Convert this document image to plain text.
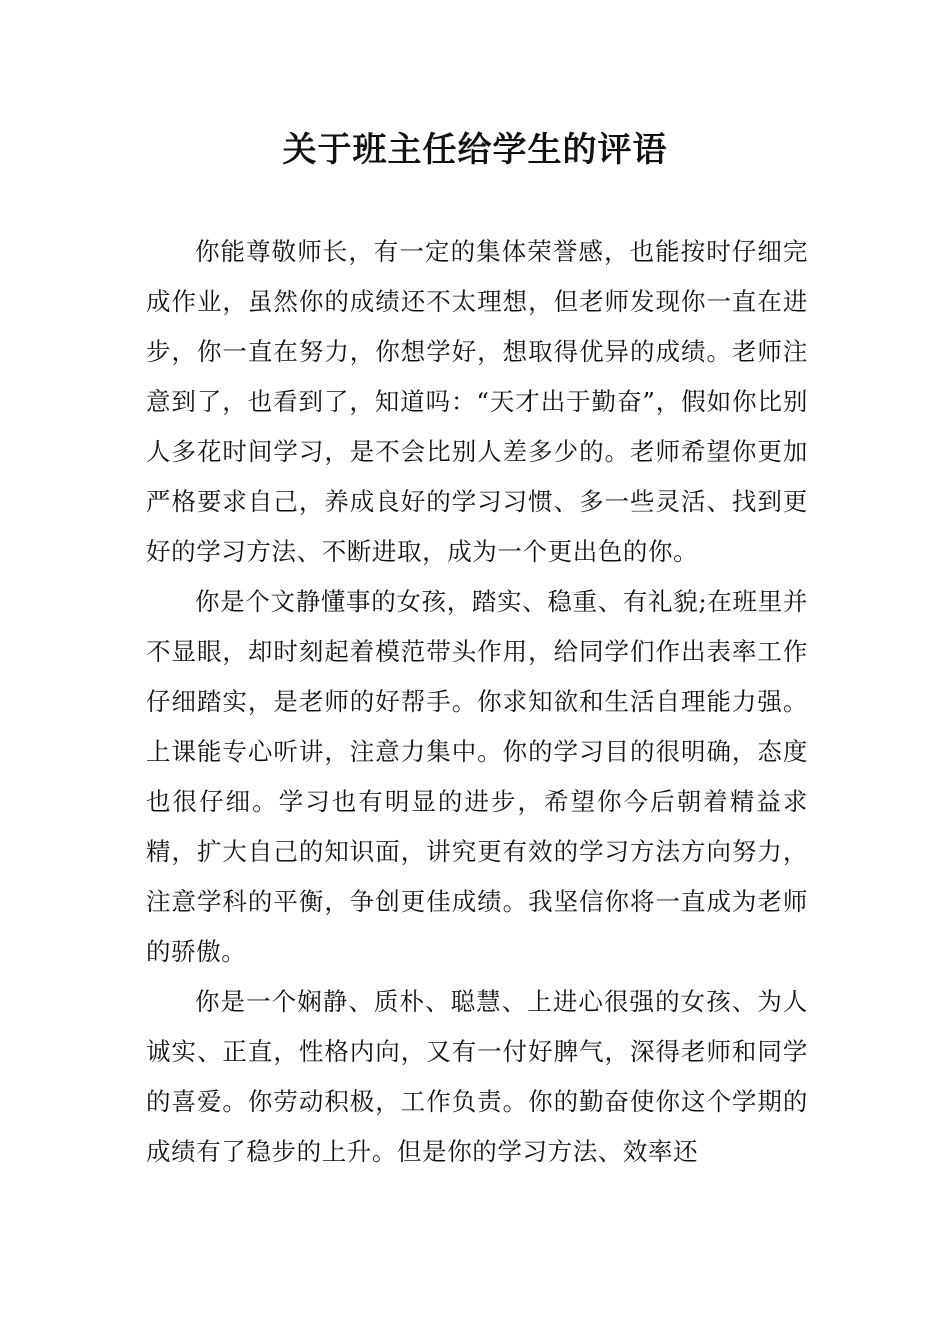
关于班主任给学生的评语

你能尊敬师长，有一定的集体荣誉感，也能按时仔细完成作业，虽然你的成绩还不太理想，但老师发现你一直在进步，你一直在努力，你想学好，想取得优异的成绩。老师注意到了，也看到了，知道吗：“天才出于勤奋”，假如你比别人多花时间学习，是不会比别人差多少的。老师希望你更加严格要求自己，养成良好的学习习惯、多一些灵活、找到更好的学习方法、不断进取，成为一个更出色的你。

你是个文静懂事的女孩，踏实、稳重、有礼貌;在班里并不显眼，却时刻起着模范带头作用，给同学们作出表率工作仔细踏实，是老师的好帮手。你求知欲和生活自理能力强。上课能专心听讲，注意力集中。你的学习目的很明确，态度也很仔细。学习也有明显的进步，希望你今后朝着精益求精，扩大自己的知识面，讲究更有效的学习方法方向努力，注意学科的平衡，争创更佳成绩。我坚信你将一直成为老师的骄傲。

你是一个娴静、质朴、聪慧、上进心很强的女孩、为人诚实、正直，性格内向，又有一付好脾气，深得老师和同学的喜爱。你劳动积极，工作负责。你的勤奋使你这个学期的成绩有了稳步的上升。但是你的学习方法、效率还
